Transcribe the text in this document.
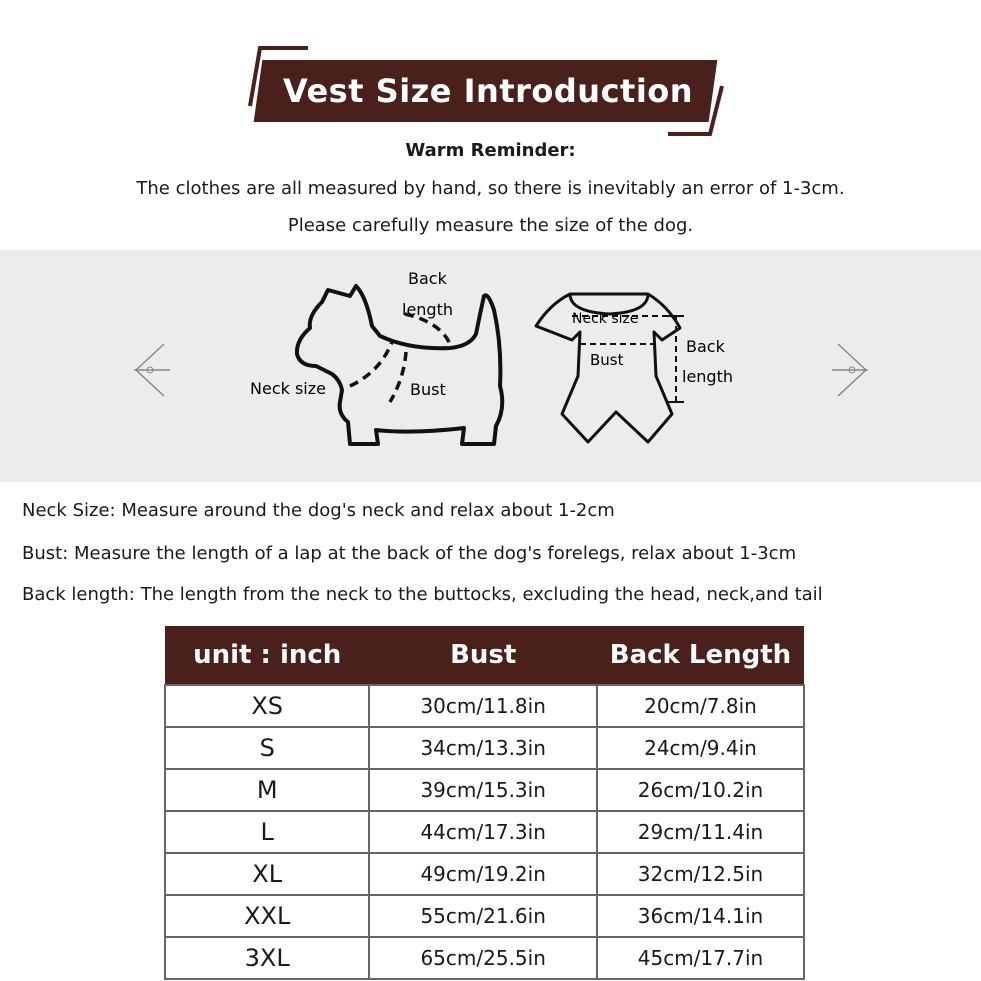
Vest Size Introduction
Warm Reminder:
The clothes are all measured by hand, so there is inevitably an error of 1-3cm.
Please carefully measure the size of the dog.
Back
length
Neck size	Bust
Neck size
Bust
Back
length
Neck Size: Measure around the dog's neck and relax about 1-2cm
Bust: Measure the length of a lap at the back of the dog's forelegs, relax about 1-3cm
Back length: The length from the neck to the buttocks, excluding the head, neck,and tail
unit : inch	Bust	Back Length
XS	30cm/11.8in	20cm/7.8in
S	34cm/13.3in	24cm/9.4in
M	39cm/15.3in	26cm/10.2in
L	44cm/17.3in	29cm/11.4in
XL	49cm/19.2in	32cm/12.5in
XXL	55cm/21.6in	36cm/14.1in
3XL	65cm/25.5in	45cm/17.7in
